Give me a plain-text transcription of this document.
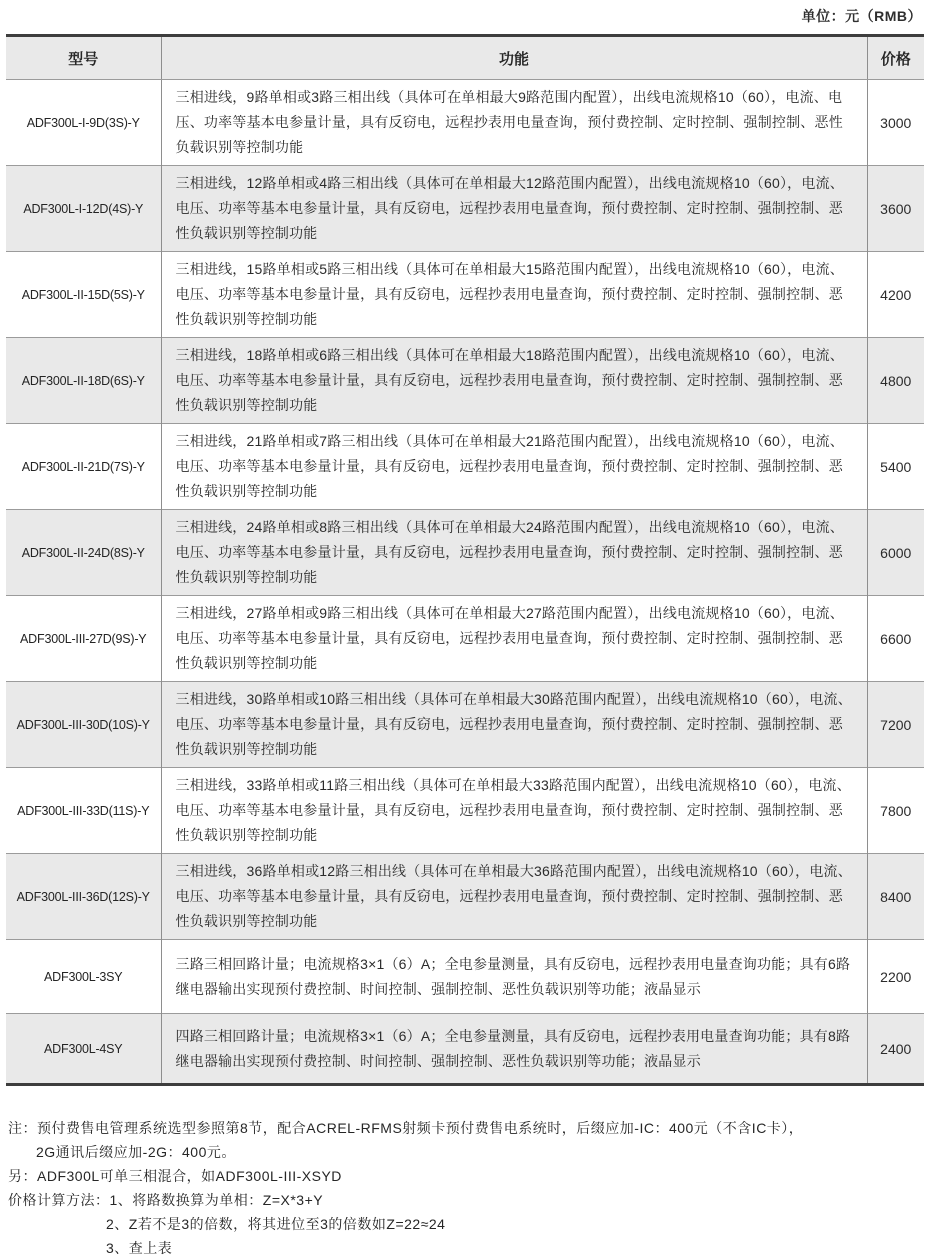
单位：元（RMB）
型号	功能	价格
ADF300L-I-9D(3S)-Y	三相进线，9路单相或3路三相出线（具体可在单相最大9路范围内配置），出线电流规格10（60），电流、电压、功率等基本电参量计量，具有反窃电，远程抄表用电量查询，预付费控制、定时控制、强制控制、恶性负载识别等控制功能	3000
ADF300L-I-12D(4S)-Y	三相进线，12路单相或4路三相出线（具体可在单相最大12路范围内配置），出线电流规格10（60），电流、电压、功率等基本电参量计量，具有反窃电，远程抄表用电量查询，预付费控制、定时控制、强制控制、恶性负载识别等控制功能	3600
ADF300L-II-15D(5S)-Y	三相进线，15路单相或5路三相出线（具体可在单相最大15路范围内配置），出线电流规格10（60），电流、电压、功率等基本电参量计量，具有反窃电，远程抄表用电量查询，预付费控制、定时控制、强制控制、恶性负载识别等控制功能	4200
ADF300L-II-18D(6S)-Y	三相进线，18路单相或6路三相出线（具体可在单相最大18路范围内配置），出线电流规格10（60），电流、电压、功率等基本电参量计量，具有反窃电，远程抄表用电量查询，预付费控制、定时控制、强制控制、恶性负载识别等控制功能	4800
ADF300L-II-21D(7S)-Y	三相进线，21路单相或7路三相出线（具体可在单相最大21路范围内配置），出线电流规格10（60），电流、电压、功率等基本电参量计量，具有反窃电，远程抄表用电量查询，预付费控制、定时控制、强制控制、恶性负载识别等控制功能	5400
ADF300L-II-24D(8S)-Y	三相进线，24路单相或8路三相出线（具体可在单相最大24路范围内配置），出线电流规格10（60），电流、电压、功率等基本电参量计量，具有反窃电，远程抄表用电量查询，预付费控制、定时控制、强制控制、恶性负载识别等控制功能	6000
ADF300L-III-27D(9S)-Y	三相进线，27路单相或9路三相出线（具体可在单相最大27路范围内配置），出线电流规格10（60），电流、电压、功率等基本电参量计量，具有反窃电，远程抄表用电量查询，预付费控制、定时控制、强制控制、恶性负载识别等控制功能	6600
ADF300L-III-30D(10S)-Y	三相进线，30路单相或10路三相出线（具体可在单相最大30路范围内配置），出线电流规格10（60），电流、电压、功率等基本电参量计量，具有反窃电，远程抄表用电量查询，预付费控制、定时控制、强制控制、恶性负载识别等控制功能	7200
ADF300L-III-33D(11S)-Y	三相进线，33路单相或11路三相出线（具体可在单相最大33路范围内配置），出线电流规格10（60），电流、电压、功率等基本电参量计量，具有反窃电，远程抄表用电量查询，预付费控制、定时控制、强制控制、恶性负载识别等控制功能	7800
ADF300L-III-36D(12S)-Y	三相进线，36路单相或12路三相出线（具体可在单相最大36路范围内配置），出线电流规格10（60），电流、电压、功率等基本电参量计量，具有反窃电，远程抄表用电量查询，预付费控制、定时控制、强制控制、恶性负载识别等控制功能	8400
ADF300L-3SY	三路三相回路计量；电流规格3×1（6）A；全电参量测量，具有反窃电，远程抄表用电量查询功能；具有6路继电器输出实现预付费控制、时间控制、强制控制、恶性负载识别等功能；液晶显示	2200
ADF300L-4SY	四路三相回路计量；电流规格3×1（6）A；全电参量测量，具有反窃电，远程抄表用电量查询功能；具有8路继电器输出实现预付费控制、时间控制、强制控制、恶性负载识别等功能；液晶显示	2400
注：预付费售电管理系统选型参照第8节，配合ACREL-RFMS射频卡预付费售电系统时，后缀应加-IC：400元（不含IC卡），
2G通讯后缀应加-2G：400元。
另：ADF300L可单三相混合，如ADF300L-III-XSYD
价格计算方法：1、将路数换算为单相：Z=X*3+Y
2、Z若不是3的倍数，将其进位至3的倍数如Z=22≈24
3、查上表
